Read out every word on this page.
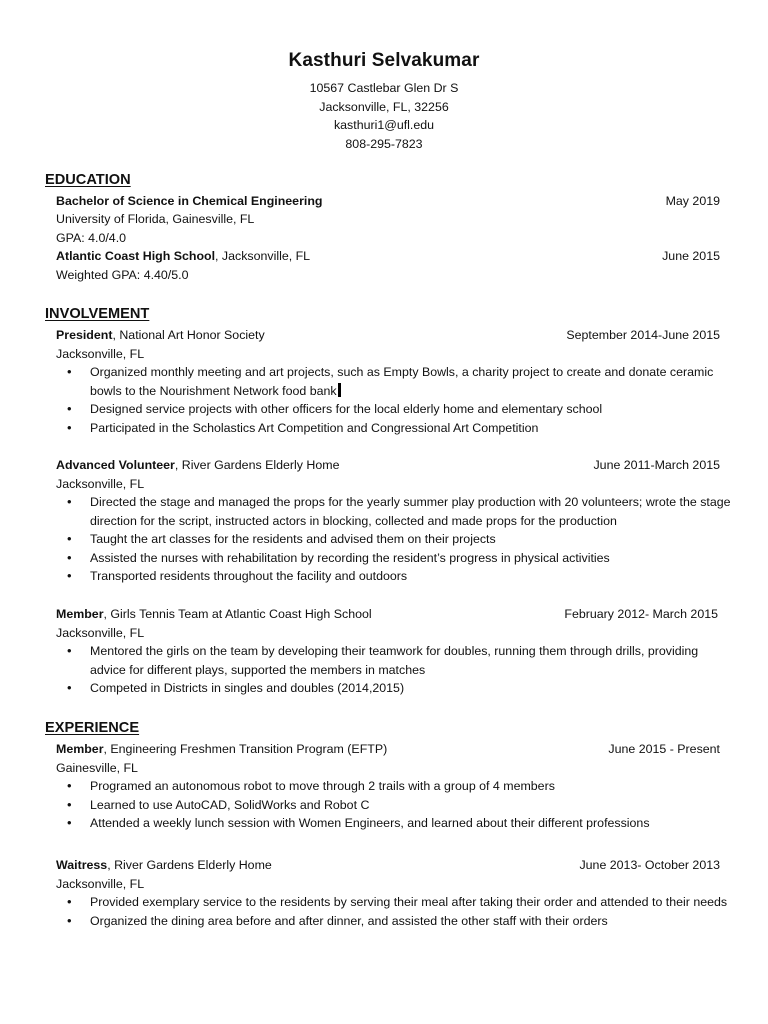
Kasthuri Selvakumar
10567 Castlebar Glen Dr S
Jacksonville, FL, 32256
kasthuri1@ufl.edu
808-295-7823
EDUCATION
Bachelor of Science in Chemical Engineering	May 2019
University of Florida, Gainesville, FL
GPA: 4.0/4.0
Atlantic Coast High School, Jacksonville, FL	June 2015
Weighted GPA: 4.40/5.0
INVOLVEMENT
President, National Art Honor Society	September 2014-June 2015
Jacksonville, FL
• Organized monthly meeting and art projects, such as Empty Bowls, a charity project to create and donate ceramic bowls to the Nourishment Network food bank
• Designed service projects with other officers for the local elderly home and elementary school
• Participated in the Scholastics Art Competition and Congressional Art Competition
Advanced Volunteer, River Gardens Elderly Home	June 2011-March 2015
Jacksonville, FL
• Directed the stage and managed the props for the yearly summer play production with 20 volunteers; wrote the stage direction for the script, instructed actors in blocking, collected and made props for the production
• Taught the art classes for the residents and advised them on their projects
• Assisted the nurses with rehabilitation by recording the resident’s progress in physical activities
• Transported residents throughout the facility and outdoors
Member, Girls Tennis Team at Atlantic Coast High School	February 2012- March 2015
Jacksonville, FL
• Mentored the girls on the team by developing their teamwork for doubles, running them through drills, providing advice for different plays, supported the members in matches
• Competed in Districts in singles and doubles (2014,2015)
EXPERIENCE
Member, Engineering Freshmen Transition Program (EFTP)	June 2015 - Present
Gainesville, FL
• Programed an autonomous robot to move through 2 trails with a group of 4 members
• Learned to use AutoCAD, SolidWorks and Robot C
• Attended a weekly lunch session with Women Engineers, and learned about their different professions
Waitress, River Gardens Elderly Home	June 2013- October 2013
Jacksonville, FL
• Provided exemplary service to the residents by serving their meal after taking their order and attended to their needs
• Organized the dining area before and after dinner, and assisted the other staff with their orders
